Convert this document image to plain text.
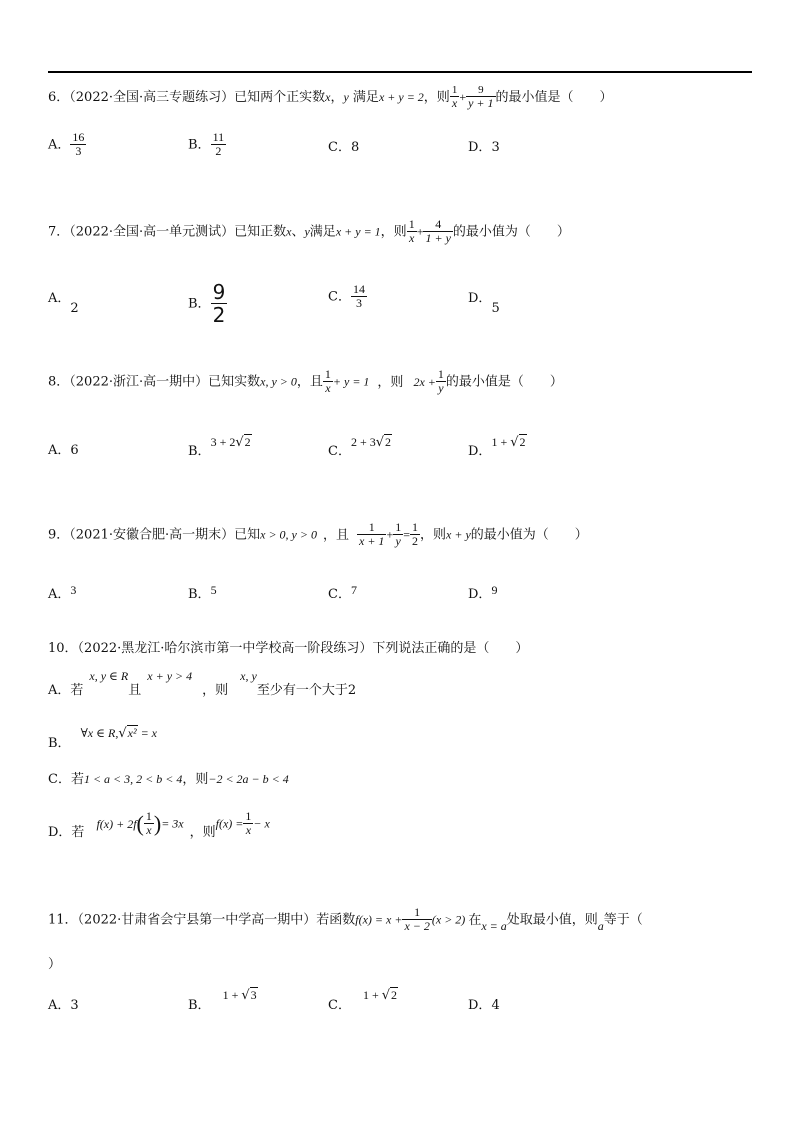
6．（2022·全国·高三专题练习）已知两个正实数x，y 满足x + y = 2，则 $\frac{1}{x} + \frac{9}{y + 1}$ 的最小值是（　　）
A． $\frac{16}{3}$	B． $\frac{11}{2}$	C．8	D．3
7．（2022·全国·高一单元测试）已知正数x、y满足x + y = 1，则 $\frac{1}{x} + \frac{4}{1 + y}$ 的最小值为（　　）
A．2	B． $\frac{9}{2}$	C． $\frac{14}{3}$	D．5
8．（2022·浙江·高一期中）已知实数x, y > 0，且 $\frac{1}{x} + y = 1$ ，则 $2x + \frac{1}{y}$ 的最小值是（　　）
A．6	B．3 + 2√2
C．2 + 3√2
D．1 + √2
9．（2021·安徽合肥·高一期末）已知x > 0, y > 0 ，且 $\frac{1}{x + 1} + \frac{1}{y} = \frac{1}{2}$ ，则x + y的最小值为（　　）
A．3	B．5	C．7	D．9
10．（2022·黑龙江·哈尔滨市第一中学校高一阶段练习）下列说法正确的是（　　）
A．若x, y ∈ R且x + y > 4，则x, y至少有一个大于2
B．∀x ∈ R,√x² = x
C．若1 < a < 3, 2 < b < 4，则−2 < 2a − b < 4
D．若$f(x) + 2f( \frac{1}{x}$ )= 3x，则$f(x) = \frac{1}{x} - x$
11．（2022·甘肃省会宁县第一中学高一期中）若函数$f(x) = x + \frac{1}{x - 2} (x > 2)$ 在x = a处取最小值，则a等于（
）
A．3	B．1 + √3
C．1 + √2
D．4
